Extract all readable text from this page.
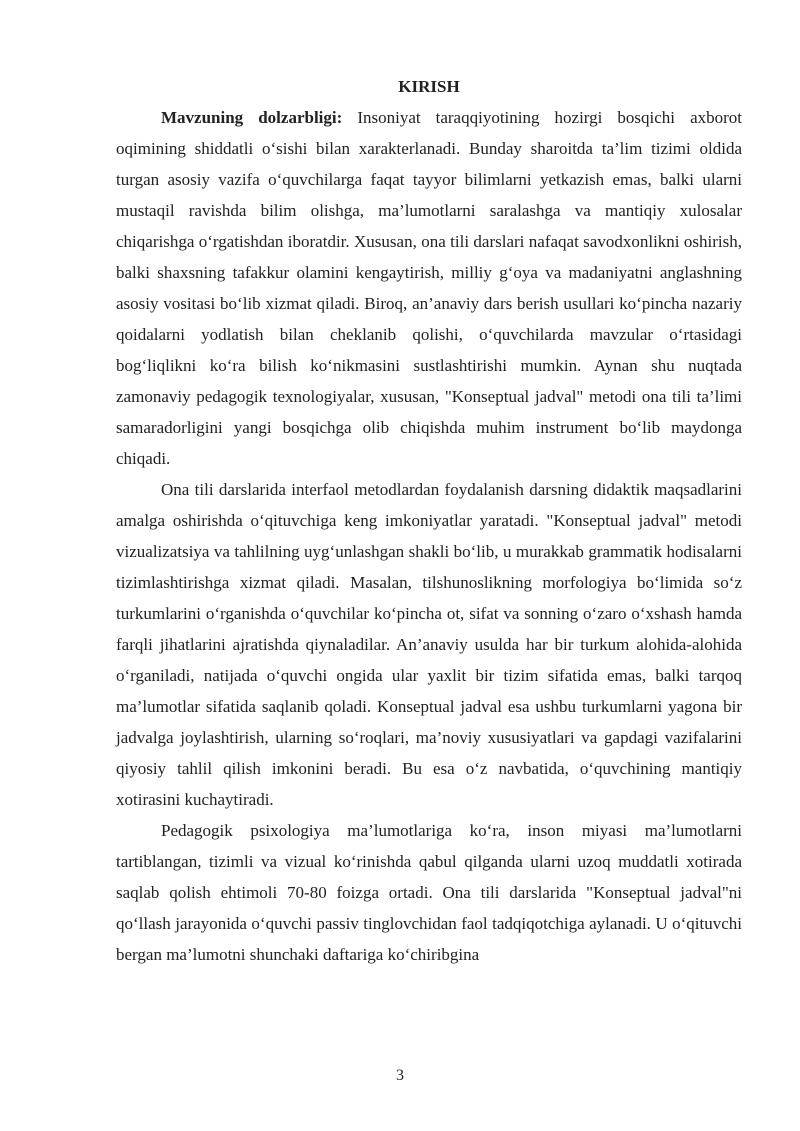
KIRISH

Mavzuning dolzarbligi: Insoniyat taraqqiyotining hozirgi bosqichi axborot oqimining shiddatli o‘sishi bilan xarakterlanadi. Bunday sharoitda ta’lim tizimi oldida turgan asosiy vazifa o‘quvchilarga faqat tayyor bilimlarni yetkazish emas, balki ularni mustaqil ravishda bilim olishga, ma’lumotlarni saralashga va mantiqiy xulosalar chiqarishga o‘rgatishdan iboratdir. Xususan, ona tili darslari nafaqat savodxonlikni oshirish, balki shaxsning tafakkur olamini kengaytirish, milliy g‘oya va madaniyatni anglashning asosiy vositasi bo‘lib xizmat qiladi. Biroq, an’anaviy dars berish usullari ko‘pincha nazariy qoidalarni yodlatish bilan cheklanib qolishi, o‘quvchilarda mavzular o‘rtasidagi bog‘liqlikni ko‘ra bilish ko‘nikmasini sustlashtirishi mumkin. Aynan shu nuqtada zamonaviy pedagogik texnologiyalar, xususan, "Konseptual jadval" metodi ona tili ta’limi samaradorligini yangi bosqichga olib chiqishda muhim instrument bo‘lib maydonga chiqadi.

Ona tili darslarida interfaol metodlardan foydalanish darsning didaktik maqsadlarini amalga oshirishda o‘qituvchiga keng imkoniyatlar yaratadi. "Konseptual jadval" metodi vizualizatsiya va tahlilning uyg‘unlashgan shakli bo‘lib, u murakkab grammatik hodisalarni tizimlashtirishga xizmat qiladi. Masalan, tilshunoslikning morfologiya bo‘limida so‘z turkumlarini o‘rganishda o‘quvchilar ko‘pincha ot, sifat va sonning o‘zaro o‘xshash hamda farqli jihatlarini ajratishda qiynaladilar. An’anaviy usulda har bir turkum alohida-alohida o‘rganiladi, natijada o‘quvchi ongida ular yaxlit bir tizim sifatida emas, balki tarqoq ma’lumotlar sifatida saqlanib qoladi. Konseptual jadval esa ushbu turkumlarni yagona bir jadvalga joylashtirish, ularning so‘roqlari, ma’noviy xususiyatlari va gapdagi vazifalarini qiyosiy tahlil qilish imkonini beradi. Bu esa o‘z navbatida, o‘quvchining mantiqiy xotirasini kuchaytiradi.

Pedagogik psixologiya ma’lumotlariga ko‘ra, inson miyasi ma’lumotlarni tartiblangan, tizimli va vizual ko‘rinishda qabul qilganda ularni uzoq muddatli xotirada saqlab qolish ehtimoli 70-80 foizga ortadi. Ona tili darslarida "Konseptual jadval"ni qo‘llash jarayonida o‘quvchi passiv tinglovchidan faol tadqiqotchiga aylanadi. U o‘qituvchi bergan ma’lumotni shunchaki daftariga ko‘chiribgina

3
